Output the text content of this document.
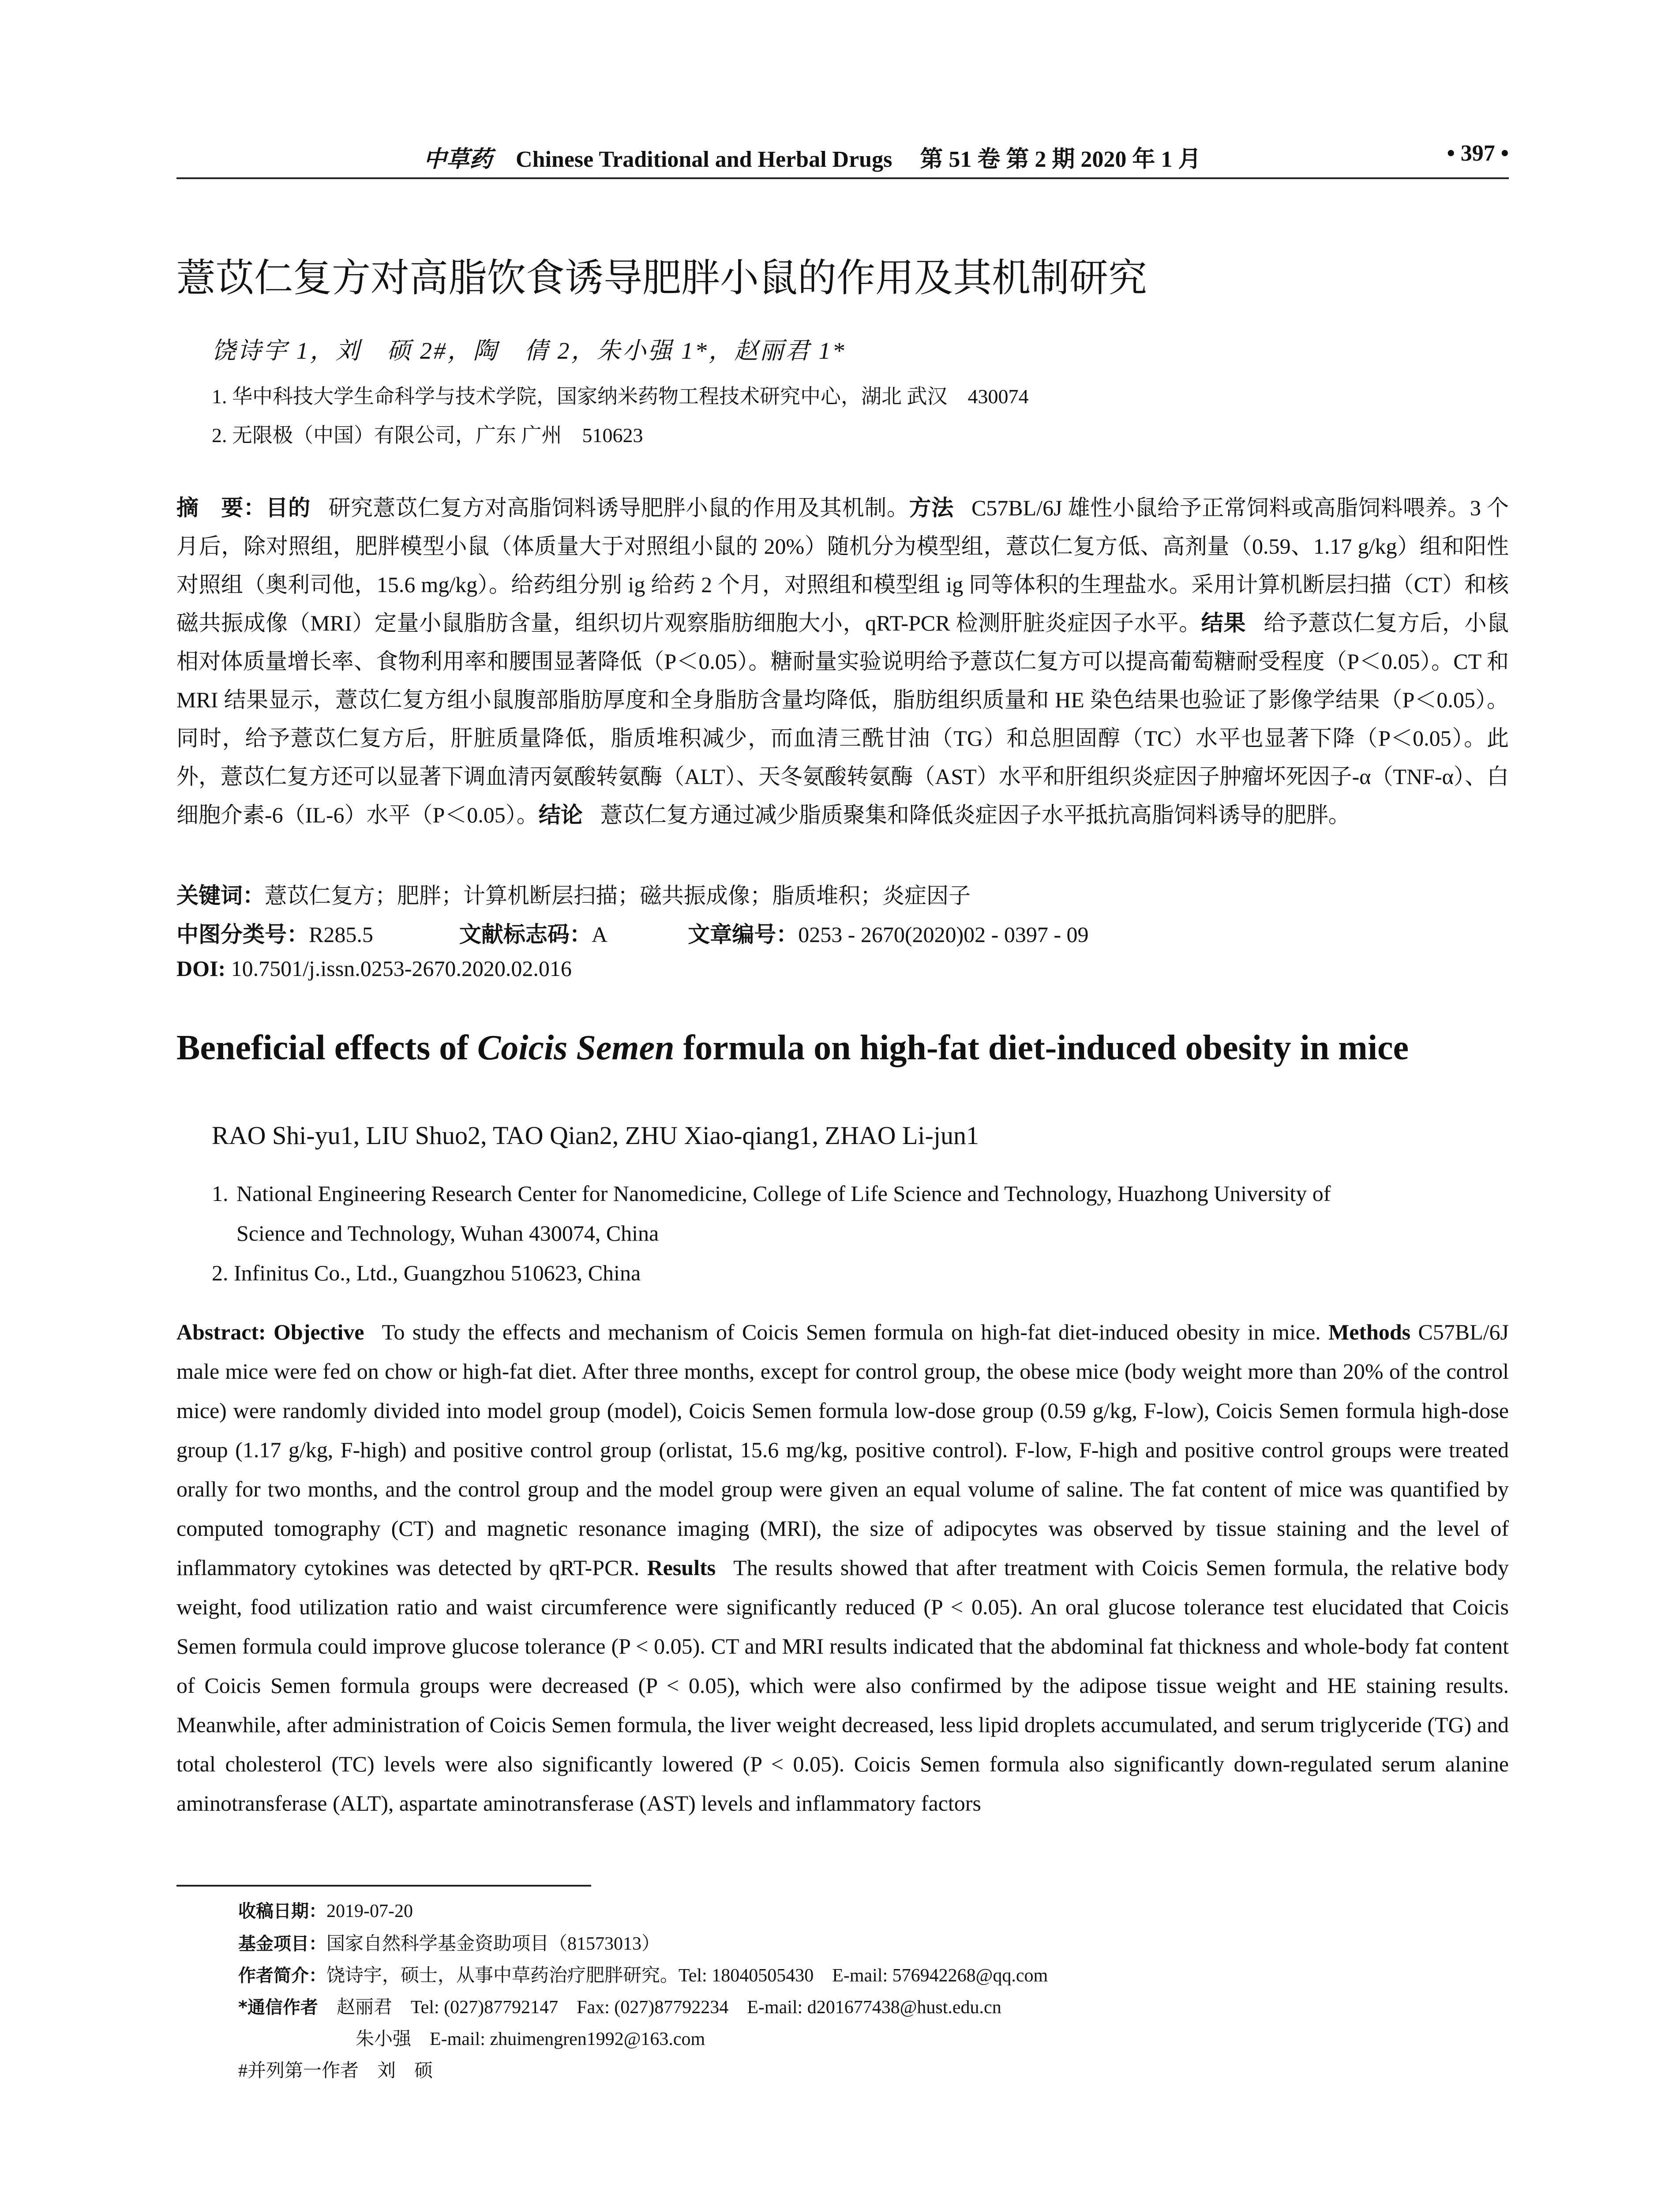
中草药 Chinese Traditional and Herbal Drugs 第 51 卷 第 2 期 2020 年 1 月	• 397 •
薏苡仁复方对高脂饮食诱导肥胖小鼠的作用及其机制研究
饶诗宇 1，刘　硕 2#，陶　倩 2，朱小强 1*，赵丽君 1*
1. 华中科技大学生命科学与技术学院，国家纳米药物工程技术研究中心，湖北 武汉　430074
2. 无限极（中国）有限公司，广东 广州　510623
摘　要：目的 研究薏苡仁复方对高脂饲料诱导肥胖小鼠的作用及其机制。方法 C57BL/6J 雄性小鼠给予正常饲料或高脂饲料喂养。3 个月后，除对照组，肥胖模型小鼠（体质量大于对照组小鼠的 20%）随机分为模型组，薏苡仁复方低、高剂量（0.59、1.17 g/kg）组和阳性对照组（奥利司他，15.6 mg/kg）。给药组分别 ig 给药 2 个月，对照组和模型组 ig 同等体积的生理盐水。采用计算机断层扫描（CT）和核磁共振成像（MRI）定量小鼠脂肪含量，组织切片观察脂肪细胞大小，qRT-PCR 检测肝脏炎症因子水平。结果 给予薏苡仁复方后，小鼠相对体质量增长率、食物利用率和腰围显著降低（P＜0.05）。糖耐量实验说明给予薏苡仁复方可以提高葡萄糖耐受程度（P＜0.05）。CT 和 MRI 结果显示，薏苡仁复方组小鼠腹部脂肪厚度和全身脂肪含量均降低，脂肪组织质量和 HE 染色结果也验证了影像学结果（P＜0.05）。同时，给予薏苡仁复方后，肝脏质量降低，脂质堆积减少，而血清三酰甘油（TG）和总胆固醇（TC）水平也显著下降（P＜0.05）。此外，薏苡仁复方还可以显著下调血清丙氨酸转氨酶（ALT）、天冬氨酸转氨酶（AST）水平和肝组织炎症因子肿瘤坏死因子-α（TNF-α）、白细胞介素-6（IL-6）水平（P＜0.05）。结论 薏苡仁复方通过减少脂质聚集和降低炎症因子水平抵抗高脂饲料诱导的肥胖。
关键词：薏苡仁复方；肥胖；计算机断层扫描；磁共振成像；脂质堆积；炎症因子
中图分类号：R285.5	文献标志码：A	文章编号：0253 - 2670(2020)02 - 0397 - 09
DOI: 10.7501/j.issn.0253-2670.2020.02.016
Beneficial effects of Coicis Semen formula on high-fat diet-induced obesity in mice
RAO Shi-yu1, LIU Shuo2, TAO Qian2, ZHU Xiao-qiang1, ZHAO Li-jun1
1. National Engineering Research Center for Nanomedicine, College of Life Science and Technology, Huazhong University of
Science and Technology, Wuhan 430074, China
2. Infinitus Co., Ltd., Guangzhou 510623, China
Abstract: Objective To study the effects and mechanism of Coicis Semen formula on high-fat diet-induced obesity in mice. Methods C57BL/6J male mice were fed on chow or high-fat diet. After three months, except for control group, the obese mice (body weight more than 20% of the control mice) were randomly divided into model group (model), Coicis Semen formula low-dose group (0.59 g/kg, F-low), Coicis Semen formula high-dose group (1.17 g/kg, F-high) and positive control group (orlistat, 15.6 mg/kg, positive control). F-low, F-high and positive control groups were treated orally for two months, and the control group and the model group were given an equal volume of saline. The fat content of mice was quantified by computed tomography (CT) and magnetic resonance imaging (MRI), the size of adipocytes was observed by tissue staining and the level of inflammatory cytokines was detected by qRT-PCR. Results The results showed that after treatment with Coicis Semen formula, the relative body weight, food utilization ratio and waist circumference were significantly reduced (P < 0.05). An oral glucose tolerance test elucidated that Coicis Semen formula could improve glucose tolerance (P < 0.05). CT and MRI results indicated that the abdominal fat thickness and whole-body fat content of Coicis Semen formula groups were decreased (P < 0.05), which were also confirmed by the adipose tissue weight and HE staining results. Meanwhile, after administration of Coicis Semen formula, the liver weight decreased, less lipid droplets accumulated, and serum triglyceride (TG) and total cholesterol (TC) levels were also significantly lowered (P < 0.05). Coicis Semen formula also significantly down-regulated serum alanine aminotransferase (ALT), aspartate aminotransferase (AST) levels and inflammatory factors
收稿日期：2019-07-20
基金项目：国家自然科学基金资助项目（81573013）
作者简介：饶诗宇，硕士，从事中草药治疗肥胖研究。Tel: 18040505430　E-mail: 576942268@qq.com
*通信作者　 赵丽君　Tel: (027)87792147　Fax: (027)87792234　E-mail: d201677438@hust.edu.cn
朱小强　E-mail: zhuimengren1992@163.com
#并列第一作者　刘　硕
